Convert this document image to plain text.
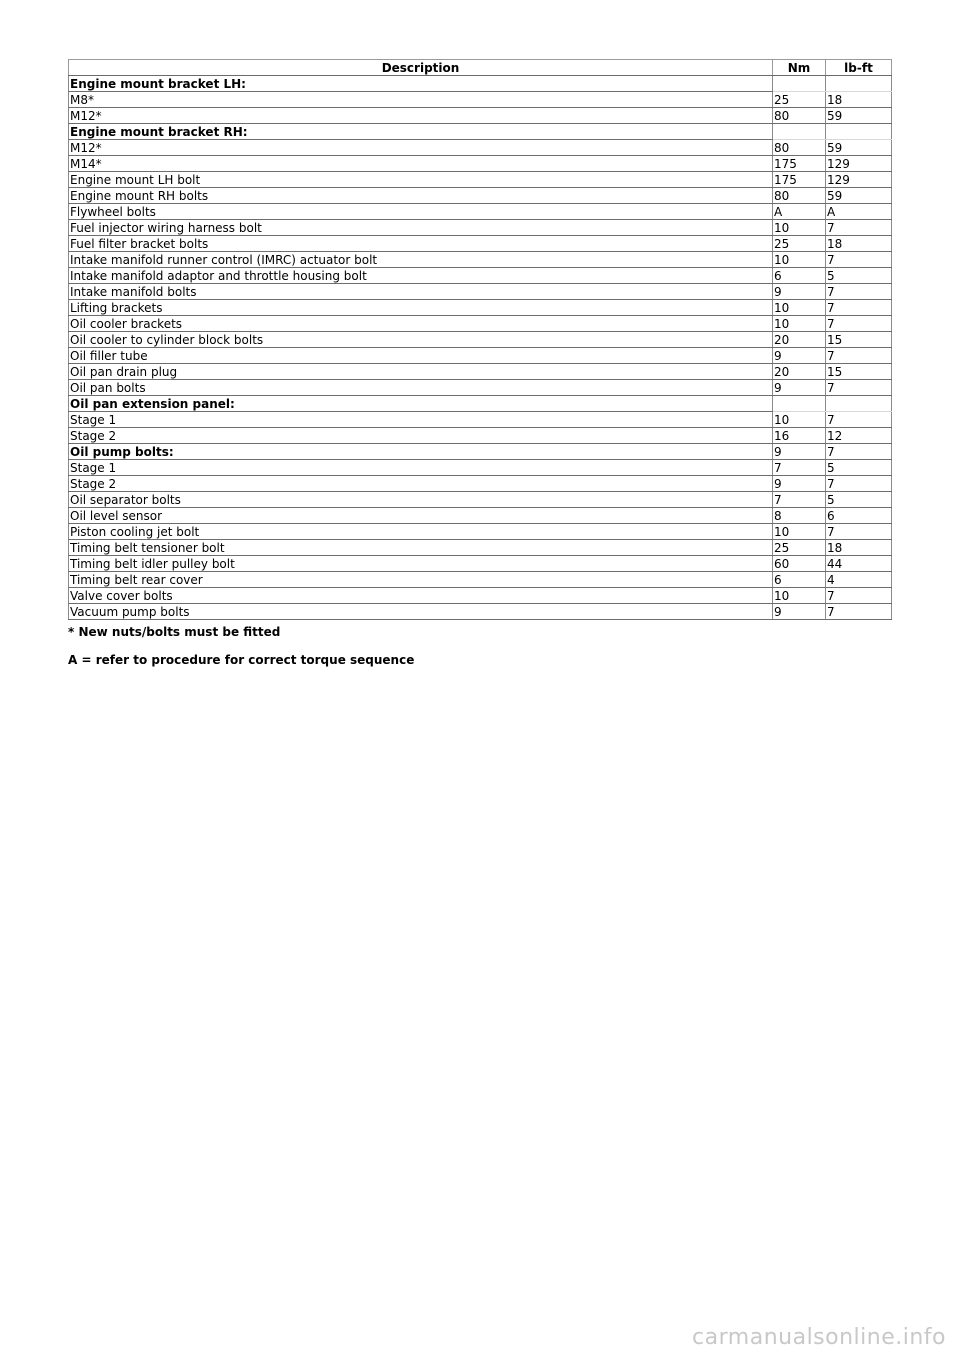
Description	Nm	lb-ft
Engine mount bracket LH:		
M8*	25	18
M12*	80	59
Engine mount bracket RH:		
M12*	80	59
M14*	175	129
Engine mount LH bolt	175	129
Engine mount RH bolts	80	59
Flywheel bolts	A	A
Fuel injector wiring harness bolt	10	7
Fuel filter bracket bolts	25	18
Intake manifold runner control (IMRC) actuator bolt	10	7
Intake manifold adaptor and throttle housing bolt	6	5
Intake manifold bolts	9	7
Lifting brackets	10	7
Oil cooler brackets	10	7
Oil cooler to cylinder block bolts	20	15
Oil filler tube	9	7
Oil pan drain plug	20	15
Oil pan bolts	9	7
Oil pan extension panel:		
Stage 1	10	7
Stage 2	16	12
Oil pump bolts:	9	7
Stage 1	7	5
Stage 2	9	7
Oil separator bolts	7	5
Oil level sensor	8	6
Piston cooling jet bolt	10	7
Timing belt tensioner bolt	25	18
Timing belt idler pulley bolt	60	44
Timing belt rear cover	6	4
Valve cover bolts	10	7
Vacuum pump bolts	9	7
* New nuts/bolts must be fitted
A = refer to procedure for correct torque sequence
carmanualsonline.info
